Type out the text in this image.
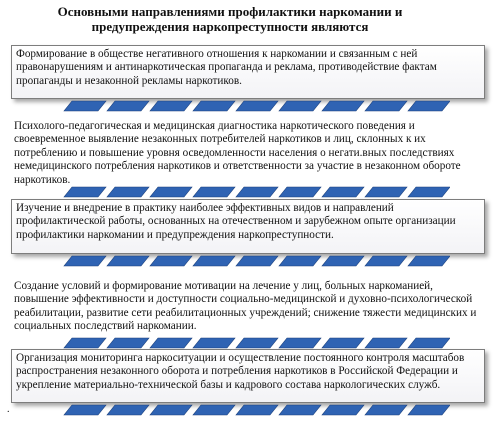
Основными направлениями профилактики наркомании и
предупреждения наркопреступности являются
Формирование в обществе негативного отношения к наркомании и связанным с ней правонарушениям и антинаркотическая пропаганда и реклама, противодействие фактам пропаганды и незаконной рекламы наркотиков.
Психолого-педагогическая и медицинская диагностика наркотического поведения и своевременное выявление незаконных потребителей наркотиков и лиц, склонных к их потреблению и повышение уровня осведомленности населения о негати.вных последствиях немедицинского потребления наркотиков и ответственности за участие в незаконном обороте наркотиков.
Изучение и внедрение в практику наиболее эффективных видов и направлений профилактической работы, основанных на отечественном и зарубежном опыте организации профилактики наркомании и предупреждения наркопреступности.
Создание условий и формирование мотивации на лечение у лиц, больных наркоманией, повышение эффективности и доступности социально-медицинской и духовно-психологической реабилитации, развитие сети реабилитационных учреждений; снижение тяжести медицинских и социальных последствий наркомании.
Организация мониторинга наркоситуации и осуществление постоянного контроля масштабов распространения незаконного оборота и потребления наркотиков в Российской Федерации и укрепление материально-технической базы и кадрового состава наркологических служб.
.
